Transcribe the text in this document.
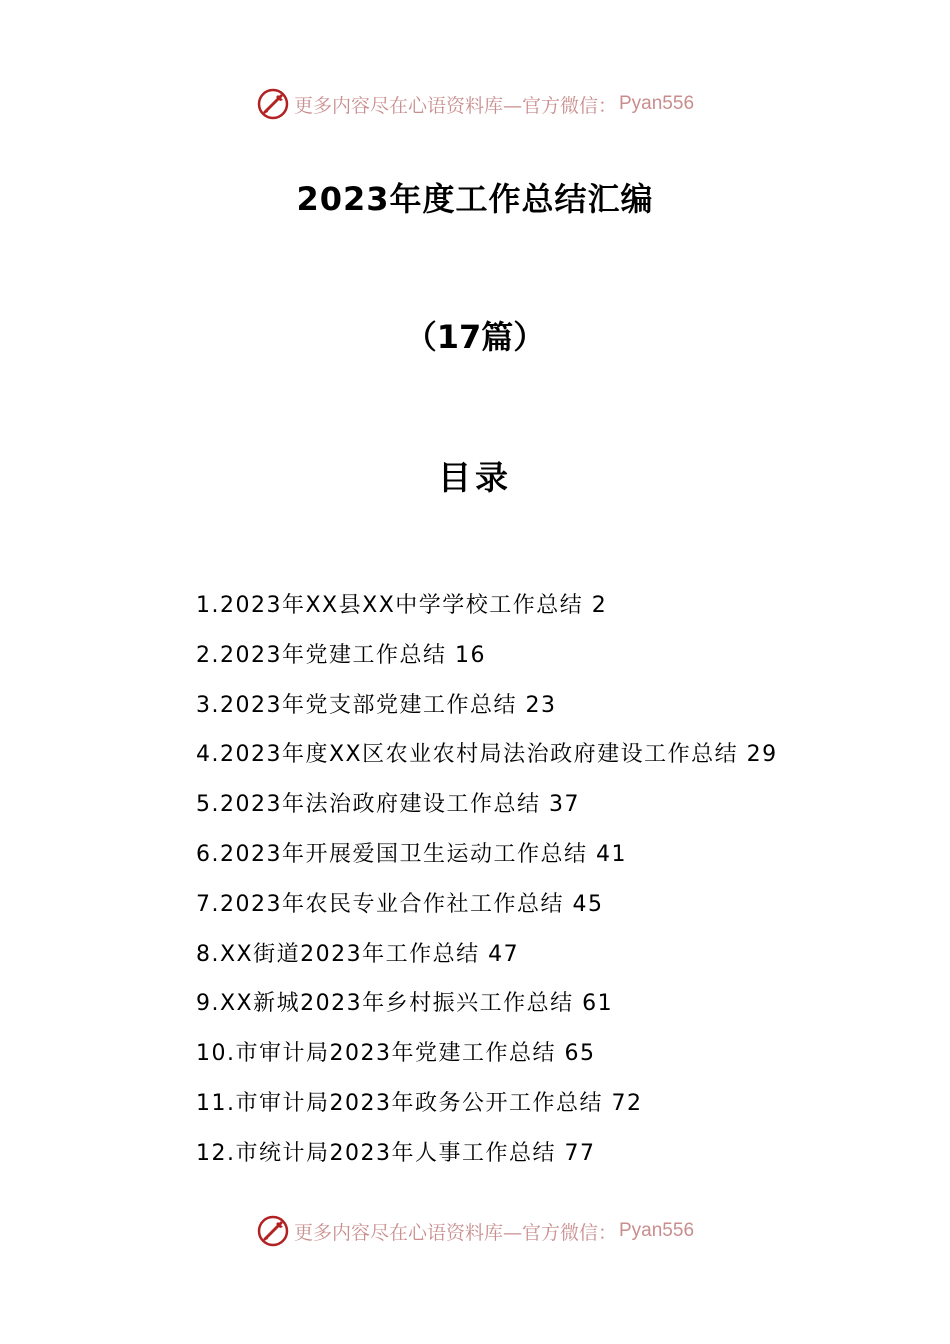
更多内容尽在心语资料库—官方微信： Pyan556
2023年度工作总结汇编
（17篇）
目录
1.2023年XX县XX中学学校工作总结 2
2.2023年党建工作总结 16
3.2023年党支部党建工作总结 23
4.2023年度XX区农业农村局法治政府建设工作总结 29
5.2023年法治政府建设工作总结 37
6.2023年开展爱国卫生运动工作总结 41
7.2023年农民专业合作社工作总结 45
8.XX街道2023年工作总结 47
9.XX新城2023年乡村振兴工作总结 61
10.市审计局2023年党建工作总结 65
11.市审计局2023年政务公开工作总结 72
12.市统计局2023年人事工作总结 77
更多内容尽在心语资料库—官方微信： Pyan556
